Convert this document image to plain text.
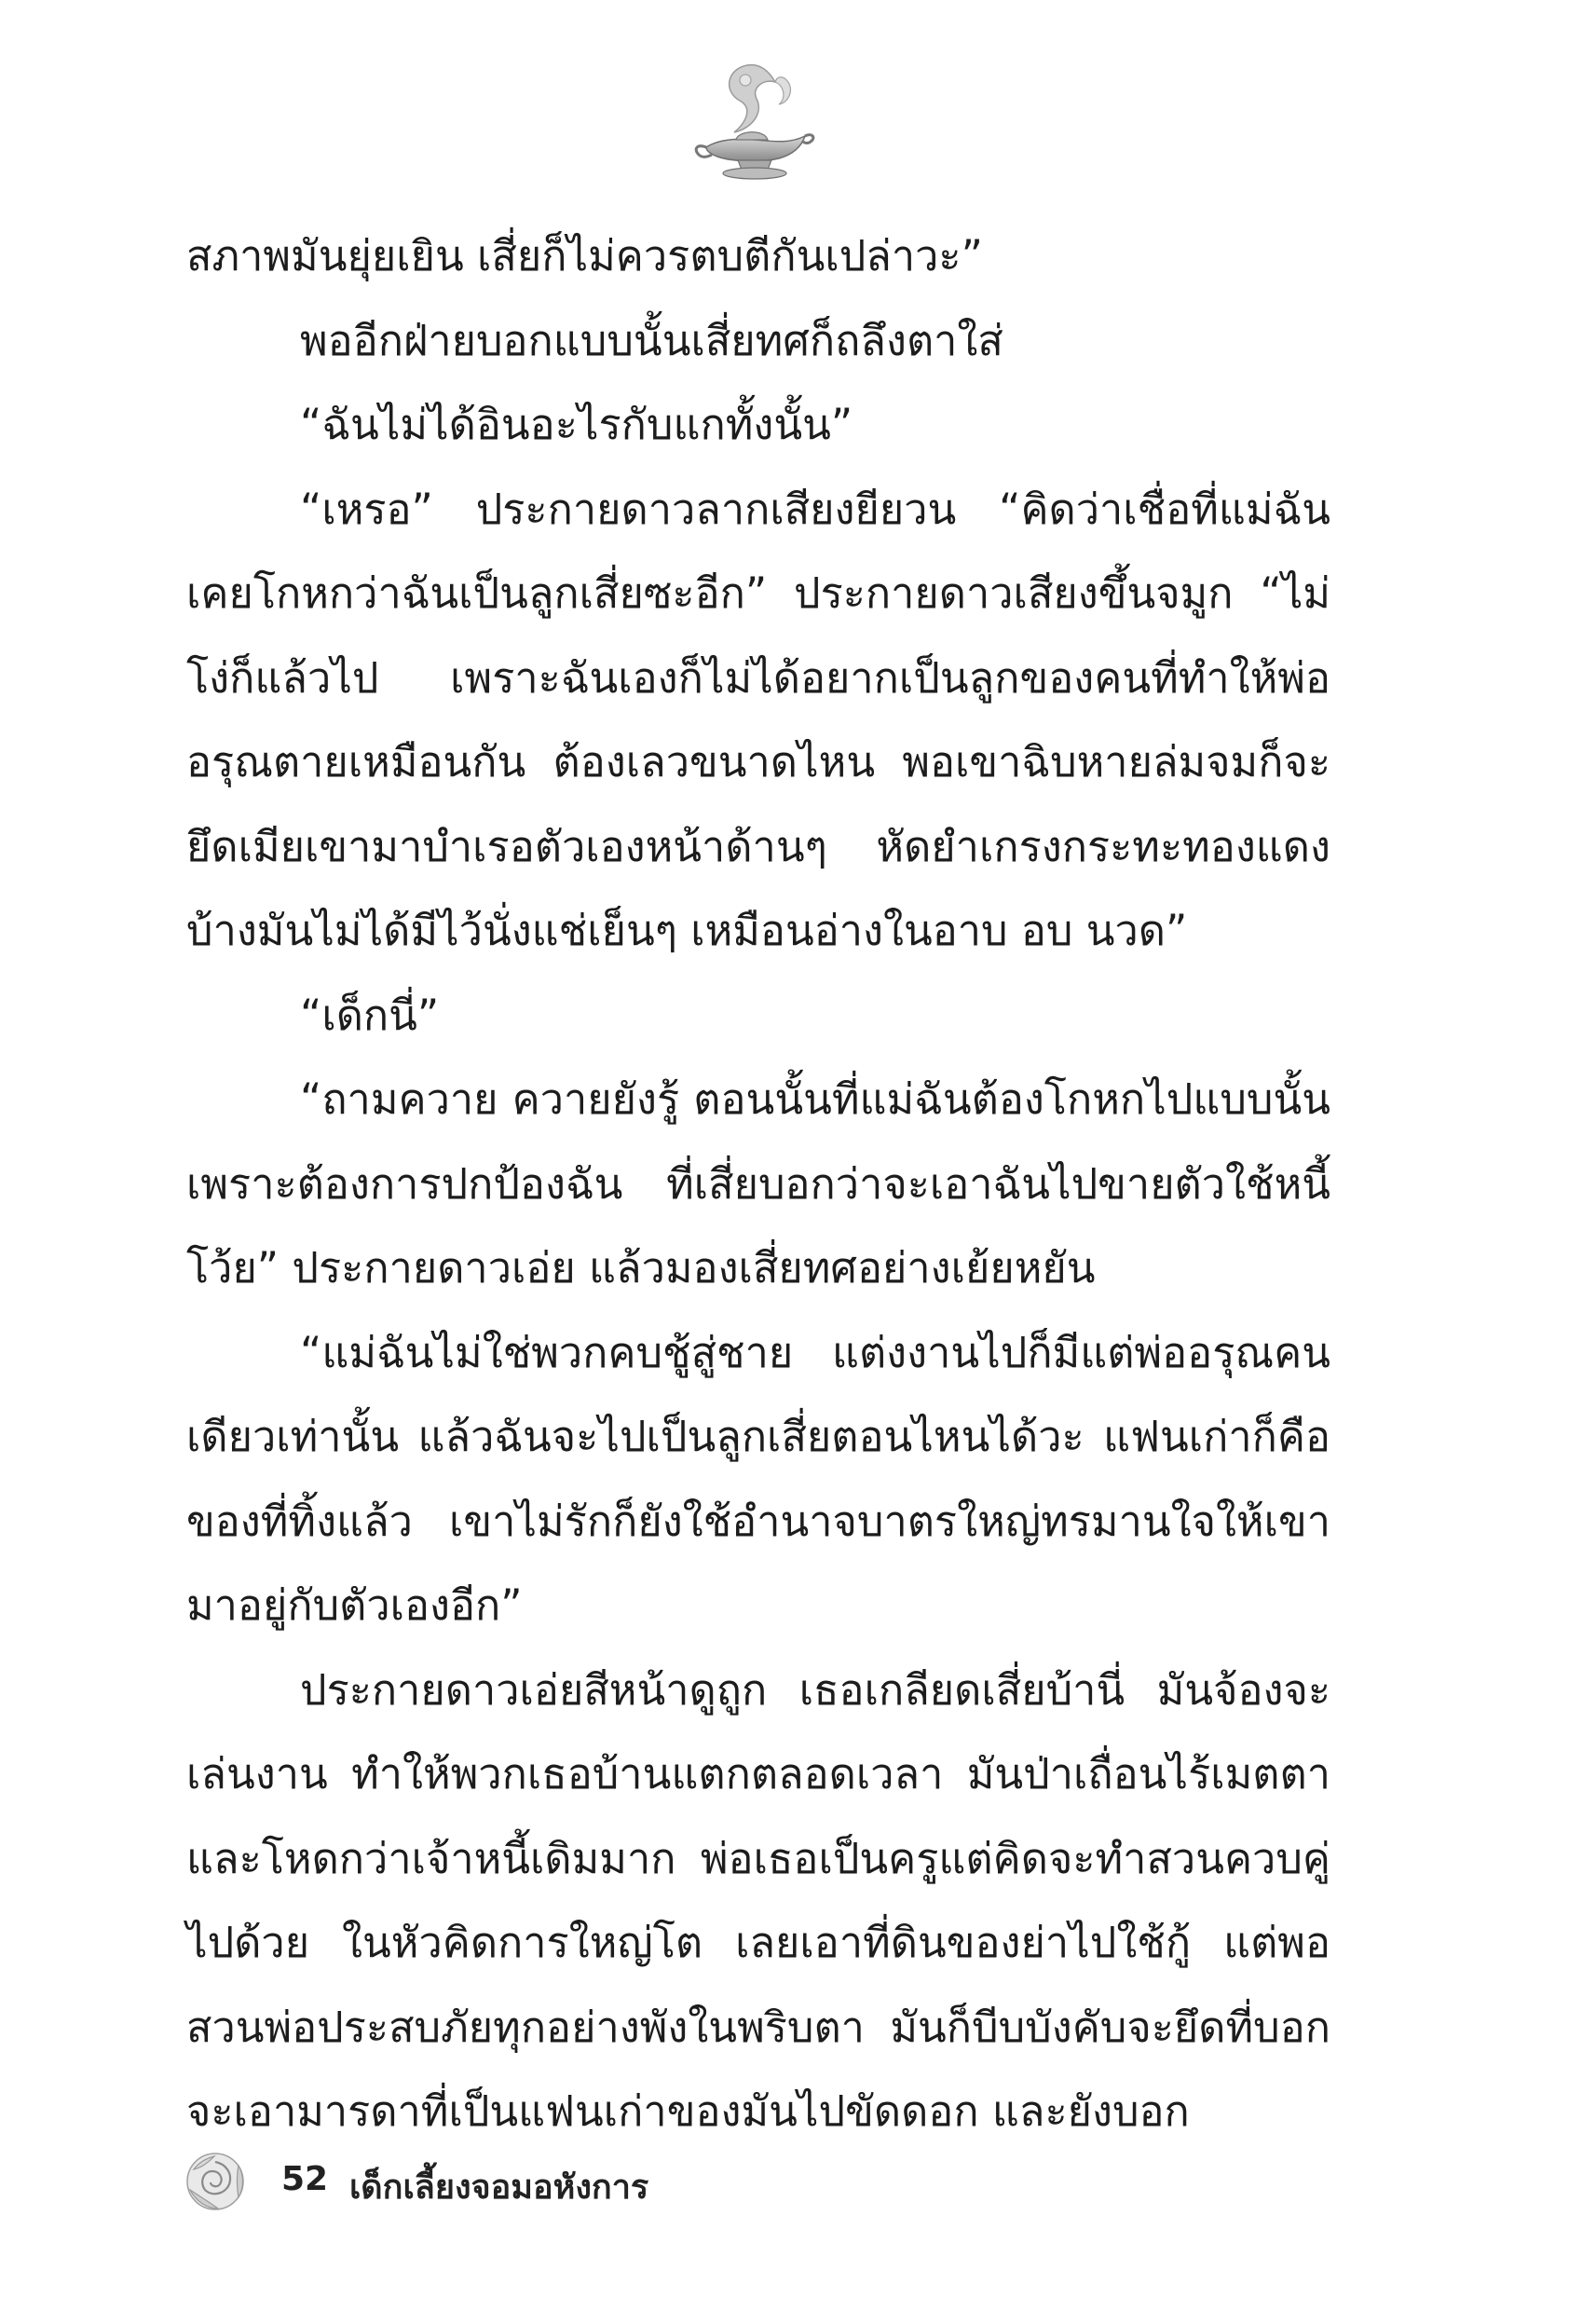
สภาพมันยุ่ยเยิน เสี่ยก็ไม่ควรตบตีกันเปล่าวะ”

พออีกฝ่ายบอกแบบนั้นเสี่ยทศก็ถลึงตาใส่

“ฉันไม่ได้อินอะไรกับแกทั้งนั้น”

“เหรอ” ประกายดาวลากเสียงยียวน “คิดว่าเชื่อที่แม่ฉันเคยโกหกว่าฉันเป็นลูกเสี่ยซะอีก” ประกายดาวเสียงขึ้นจมูก “ไม่โง่ก็แล้วไป เพราะฉันเองก็ไม่ได้อยากเป็นลูกของคนที่ทำให้พ่ออรุณตายเหมือนกัน ต้องเลวขนาดไหน พอเขาฉิบหายล่มจมก็จะยึดเมียเขามาบำเรอตัวเองหน้าด้านๆ หัดยำเกรงกระทะทองแดงบ้างมันไม่ได้มีไว้นั่งแช่เย็นๆ เหมือนอ่างในอาบ อบ นวด”

“เด็กนี่”

“ถามควาย ควายยังรู้ ตอนนั้นที่แม่ฉันต้องโกหกไปแบบนั้นเพราะต้องการปกป้องฉัน ที่เสี่ยบอกว่าจะเอาฉันไปขายตัวใช้หนี้โว้ย” ประกายดาวเอ่ย แล้วมองเสี่ยทศอย่างเย้ยหยัน

“แม่ฉันไม่ใช่พวกคบชู้สู่ชาย แต่งงานไปก็มีแต่พ่ออรุณคนเดียวเท่านั้น แล้วฉันจะไปเป็นลูกเสี่ยตอนไหนได้วะ แฟนเก่าก็คือของที่ทิ้งแล้ว เขาไม่รักก็ยังใช้อำนาจบาตรใหญ่ทรมานใจให้เขามาอยู่กับตัวเองอีก”

ประกายดาวเอ่ยสีหน้าดูถูก เธอเกลียดเสี่ยบ้านี่ มันจ้องจะเล่นงาน ทำให้พวกเธอบ้านแตกตลอดเวลา มันป่าเถื่อนไร้เมตตาและโหดกว่าเจ้าหนี้เดิมมาก พ่อเธอเป็นครูแต่คิดจะทำสวนควบคู่ไปด้วย ในหัวคิดการใหญ่โต เลยเอาที่ดินของย่าไปใช้กู้ แต่พอสวนพ่อประสบภัยทุกอย่างพังในพริบตา มันก็บีบบังคับจะยึดที่บอกจะเอามารดาที่เป็นแฟนเก่าของมันไปขัดดอก และยังบอก

52 เด็กเลี้ยงจอมอหังการ
